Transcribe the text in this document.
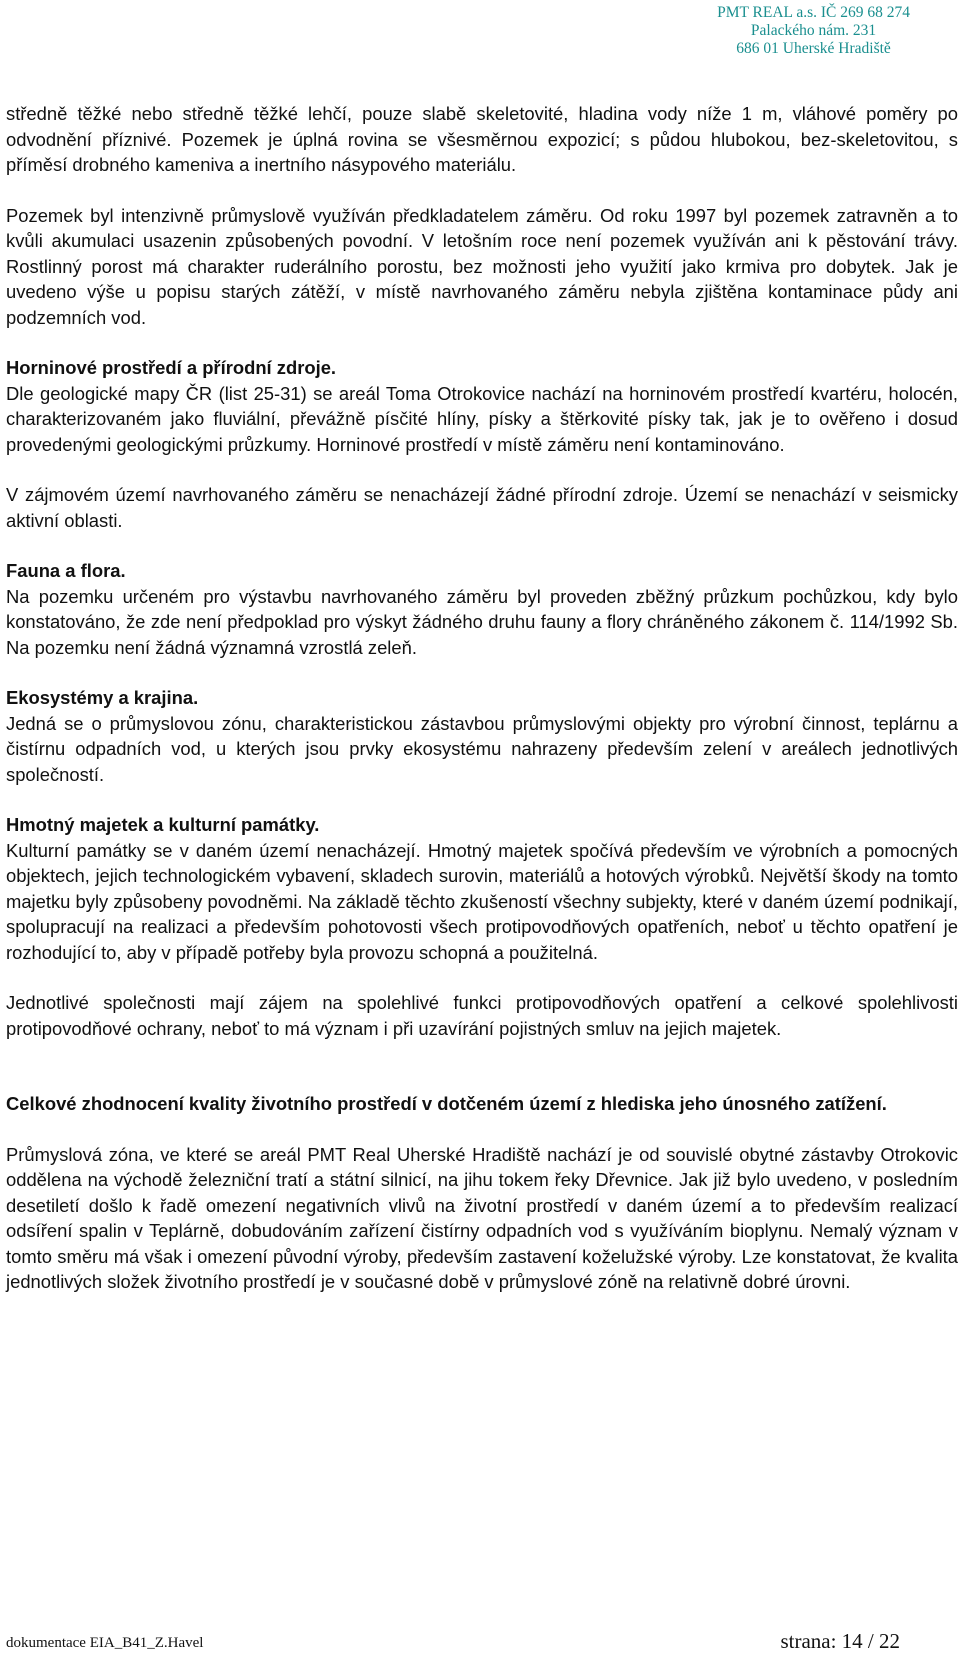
PMT REAL a.s. IČ 269 68 274
Palackého nám. 231
686 01 Uherské Hradiště

středně těžké nebo středně těžké lehčí, pouze slabě skeletovité, hladina vody níže 1 m, vláhové poměry po odvodnění příznivé. Pozemek je úplná rovina se všesměrnou expozicí; s půdou hlubokou, bez-skeletovitou, s příměsí drobného kameniva a inertního násypového materiálu.

Pozemek byl intenzivně průmyslově využíván předkladatelem záměru. Od roku 1997 byl pozemek zatravněn a to kvůli akumulaci usazenin způsobených povodní. V letošním roce není pozemek využíván ani k pěstování trávy. Rostlinný porost má charakter ruderálního porostu, bez možnosti jeho využití jako krmiva pro dobytek. Jak je uvedeno výše u popisu starých zátěží, v místě navrhovaného záměru nebyla zjištěna kontaminace půdy ani podzemních vod.

Horninové prostředí a přírodní zdroje.

Dle geologické mapy ČR (list 25-31) se areál Toma Otrokovice nachází na horninovém prostředí kvartéru, holocén, charakterizovaném jako fluviální, převážně písčité hlíny, písky a štěrkovité písky tak, jak je to ověřeno i dosud provedenými geologickými průzkumy. Horninové prostředí v místě záměru není kontaminováno.

V zájmovém území navrhovaného záměru se nenacházejí žádné přírodní zdroje. Území se nenachází v seismicky aktivní oblasti.

Fauna a flora.

Na pozemku určeném pro výstavbu navrhovaného záměru byl proveden zběžný průzkum pochůzkou, kdy bylo konstatováno, že zde není předpoklad pro výskyt žádného druhu fauny a flory chráněného zákonem č. 114/1992 Sb. Na pozemku není žádná významná vzrostlá zeleň.

Ekosystémy a krajina.

Jedná se o průmyslovou zónu, charakteristickou zástavbou průmyslovými objekty pro výrobní činnost, teplárnu a čistírnu odpadních vod, u kterých jsou prvky ekosystému nahrazeny především zelení v areálech jednotlivých společností.

Hmotný majetek a kulturní památky.

Kulturní památky se v daném území nenacházejí. Hmotný majetek spočívá především ve výrobních a pomocných objektech, jejich technologickém vybavení, skladech surovin, materiálů a hotových výrobků. Největší škody na tomto majetku byly způsobeny povodněmi. Na základě těchto zkušeností všechny subjekty, které v daném území podnikají, spolupracují na realizaci a především pohotovosti všech protipovodňových opatřeních, neboť u těchto opatření je rozhodující to, aby v případě potřeby byla provozu schopná a použitelná.

Jednotlivé společnosti mají zájem na spolehlivé funkci protipovodňových opatření a celkové spolehlivosti protipovodňové ochrany, neboť to má význam i při uzavírání pojistných smluv na jejich majetek.

Celkové zhodnocení kvality životního prostředí v dotčeném území z hlediska jeho únosného zatížení.

Průmyslová zóna, ve které se areál PMT Real Uherské Hradiště nachází je od souvislé obytné zástavby Otrokovic oddělena na východě železniční tratí a státní silnicí, na jihu tokem řeky Dřevnice. Jak již bylo uvedeno, v posledním desetiletí došlo k řadě omezení negativních vlivů na životní prostředí v daném území a to především realizací odsíření spalin v Teplárně, dobudováním zařízení čistírny odpadních vod s využíváním bioplynu. Nemalý význam v tomto směru má však i omezení původní výroby, především zastavení koželužské výroby. Lze konstatovat, že kvalita jednotlivých složek životního prostředí je v současné době v průmyslové zóně na relativně dobré úrovni.

dokumentace EIA_B41_Z.Havel	strana: 14 / 22
